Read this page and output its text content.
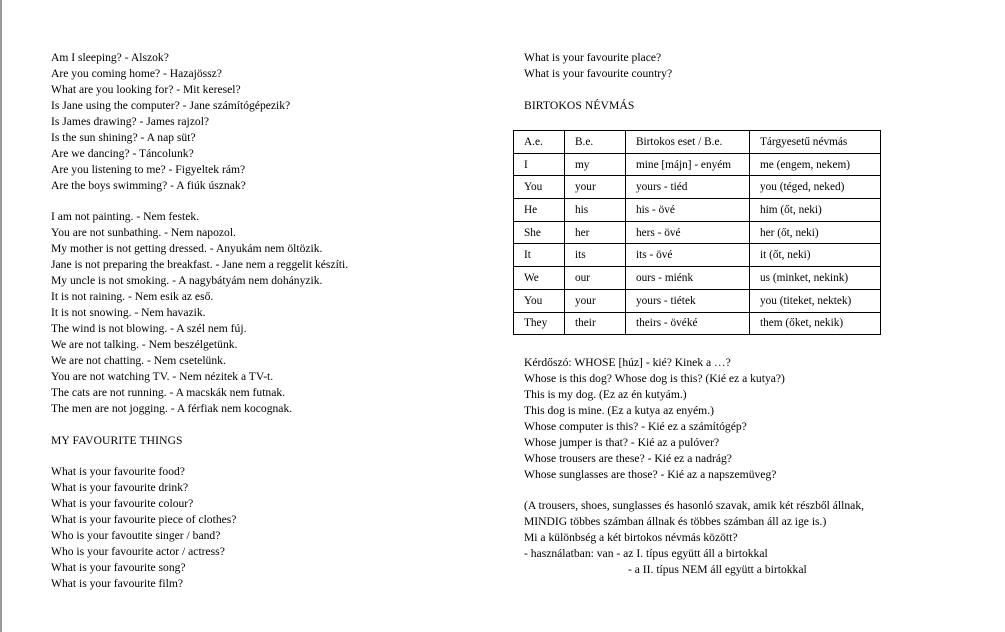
Am I sleeping? - Alszok?
Are you coming home? - Hazajössz?
What are you looking for? - Mit keresel?
Is Jane using the computer? - Jane számítógépezik?
Is James drawing? - James rajzol?
Is the sun shining? - A nap süt?
Are we dancing? - Táncolunk?
Are you listening to me? - Figyeltek rám?
Are the boys swimming? - A fiúk úsznak?
I am not painting. - Nem festek.
You are not sunbathing. - Nem napozol.
My mother is not getting dressed. - Anyukám nem öltözik.
Jane is not preparing the breakfast. - Jane nem a reggelit készíti.
My uncle is not smoking. - A nagybátyám nem dohányzik.
It is not raining. - Nem esik az eső.
It is not snowing. - Nem havazik.
The wind is not blowing. - A szél nem fúj.
We are not talking. - Nem beszélgetünk.
We are not chatting. - Nem csetelünk.
You are not watching TV. - Nem nézitek a TV-t.
The cats are not running. - A macskák nem futnak.
The men are not jogging. - A férfiak nem kocognak.
MY FAVOURITE THINGS
What is your favourite food?
What is your favourite drink?
What is your favourite colour?
What is your favourite piece of clothes?
Who is your favoutite singer / band?
Who is your favourite actor / actress?
What is your favourite song?
What is your favourite film?
What is your favourite place?
What is your favourite country?
BIRTOKOS NÉVMÁS
A.e.	B.e.	Birtokos eset / B.e.	Tárgyesetű névmás
I	my	mine [májn] - enyém	me (engem, nekem)
You	your	yours - tiéd	you (téged, neked)
He	his	his - övé	him (őt, neki)
She	her	hers - övé	her (őt, neki)
It	its	its - övé	it (őt, neki)
We	our	ours - miénk	us (minket, nekink)
You	your	yours - tiétek	you (titeket, nektek)
They	their	theirs - övéké	them (őket, nekik)
Kérdőszó: WHOSE [húz] - kié? Kinek a …?
Whose is this dog? Whose dog is this? (Kié ez a kutya?)
This is my dog. (Ez az én kutyám.)
This dog is mine. (Ez a kutya az enyém.)
Whose computer is this? - Kié ez a számítógép?
Whose jumper is that? - Kié az a pulóver?
Whose trousers are these? - Kié ez a nadrág?
Whose sunglasses are those? - Kié az a napszemüveg?
(A trousers, shoes, sunglasses és hasonló szavak, amik két részből állnak,
MINDIG többes számban állnak és többes számban áll az ige is.)
Mi a különbség a két birtokos névmás között?
- használatban: van - az I. típus együtt áll a birtokkal
- a II. típus NEM áll együtt a birtokkal
